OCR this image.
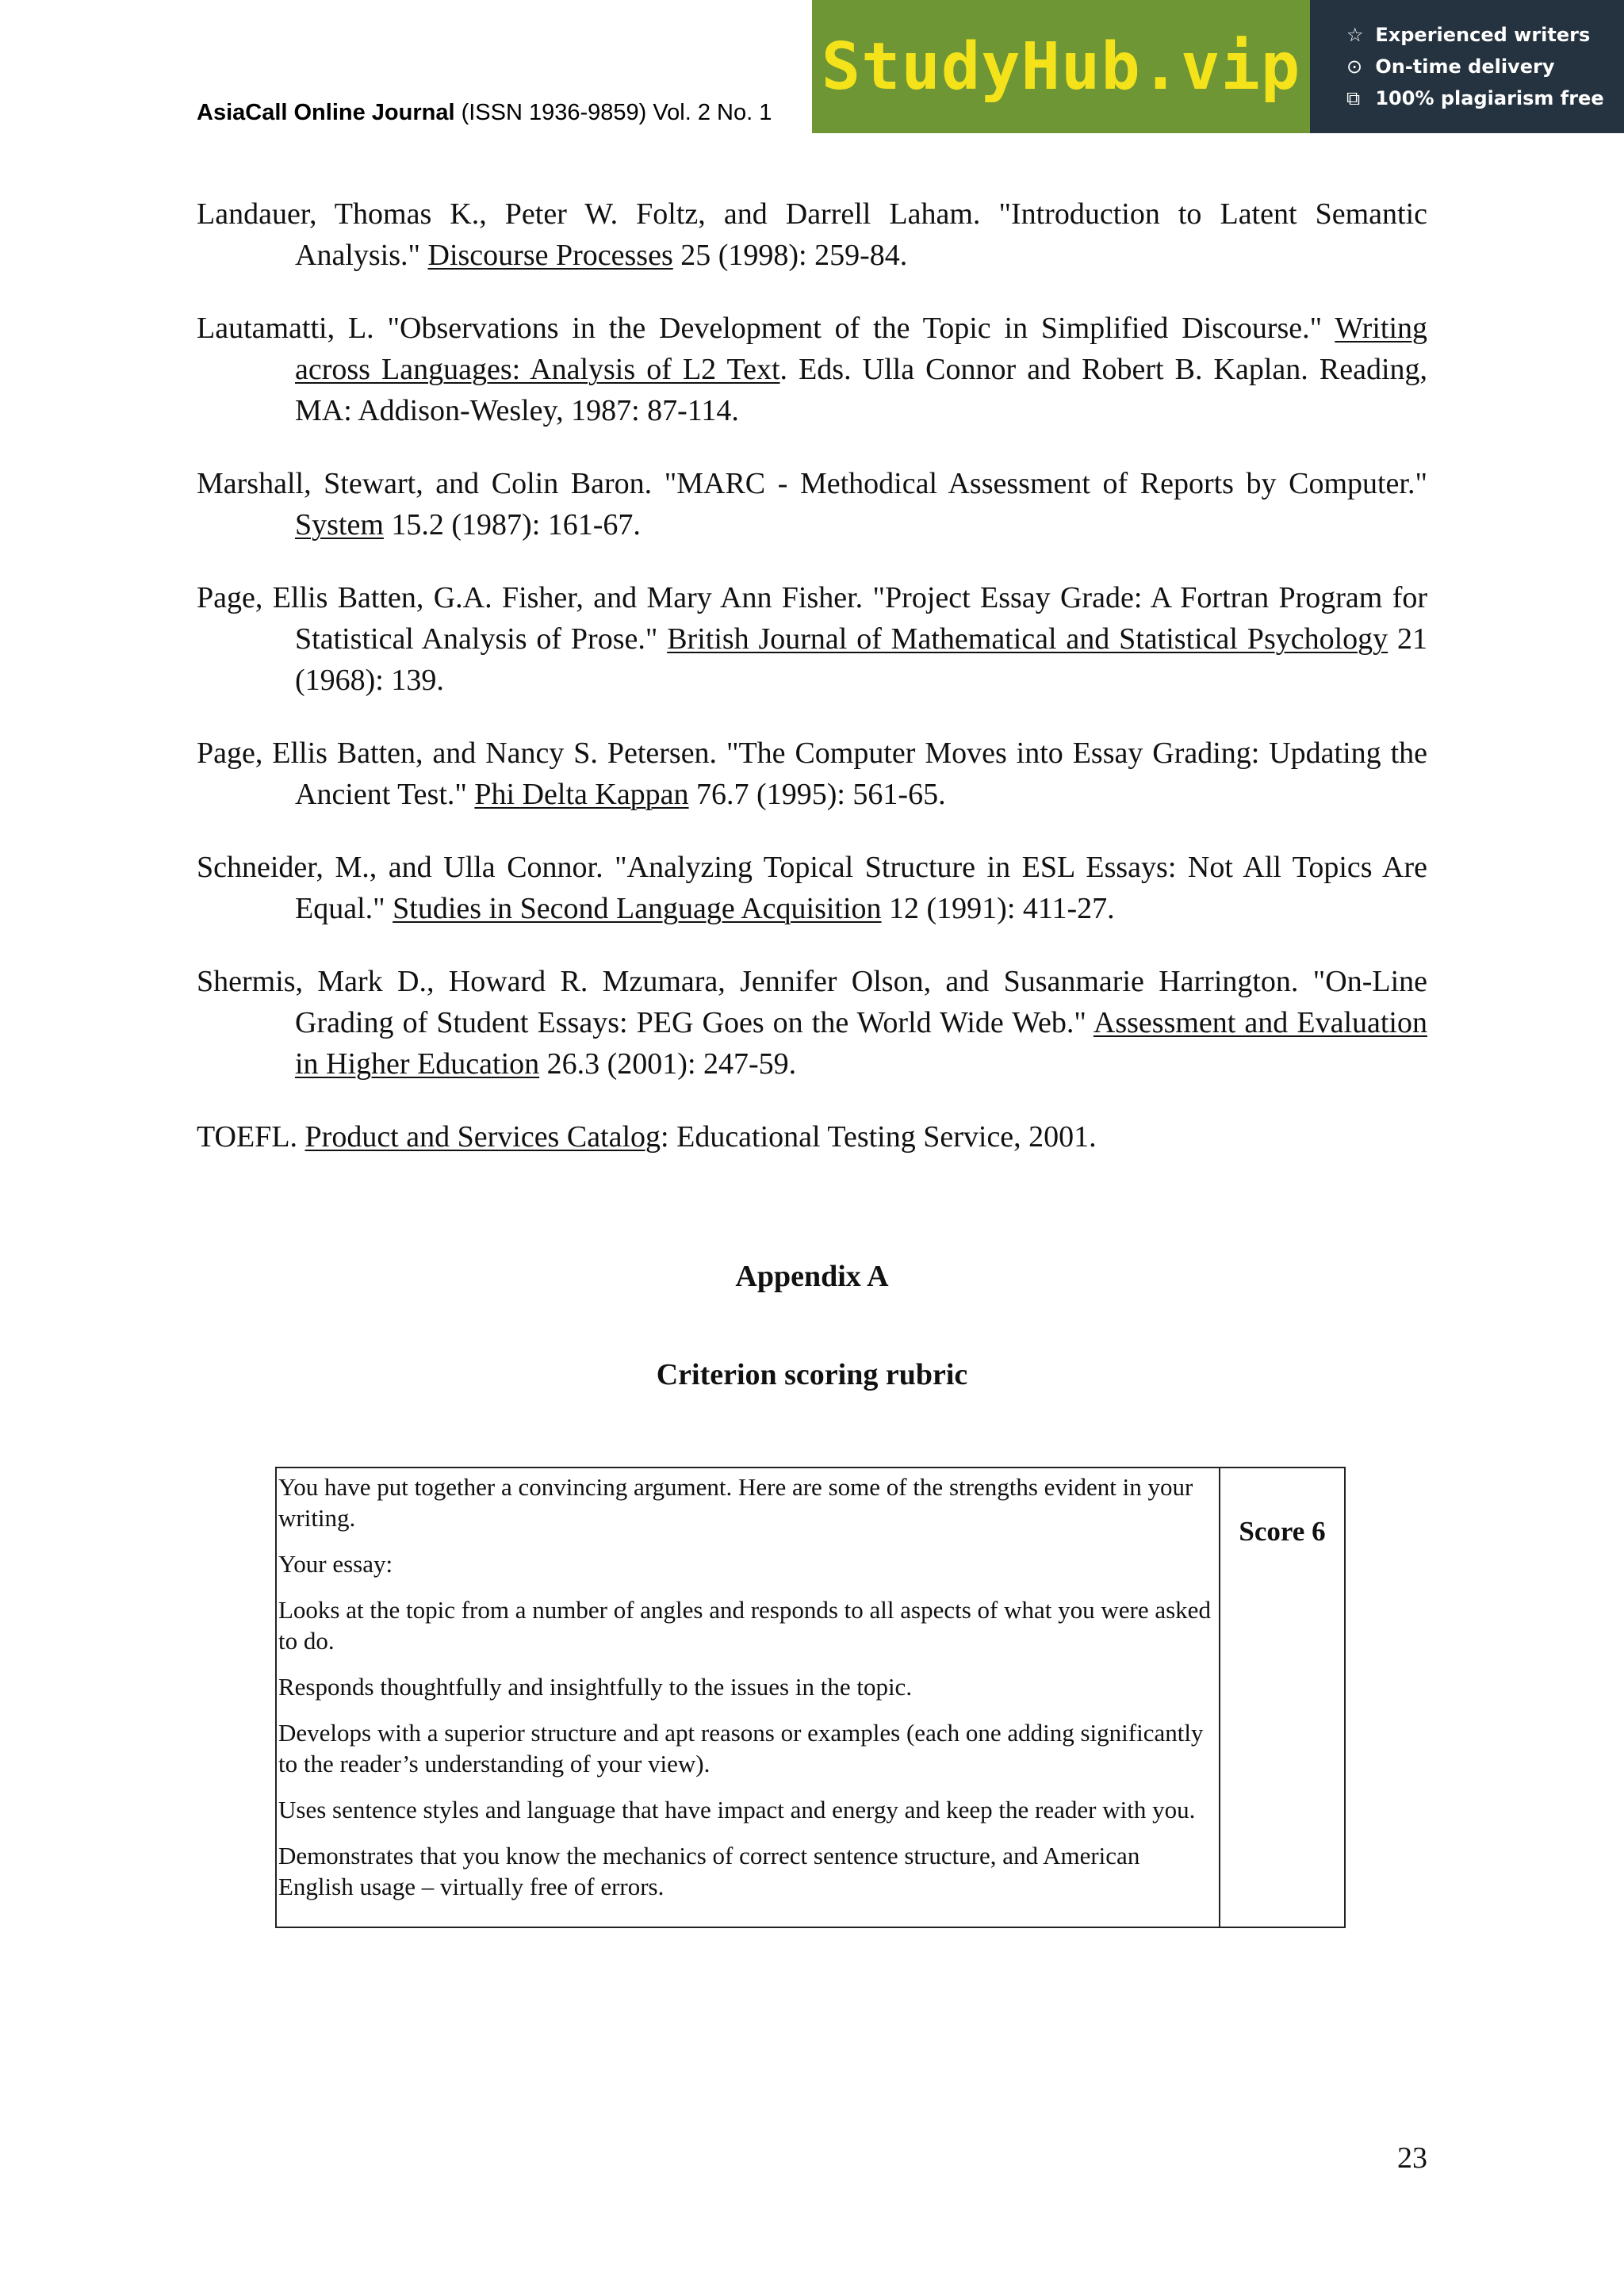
AsiaCall Online Journal (ISSN 1936-9859) Vol. 2 No. 1
StudyHub.vip ☆ Experienced writers
⊙ On-time delivery
⧉ 100% plagiarism free

Landauer, Thomas K., Peter W. Foltz, and Darrell Laham. "Introduction to Latent Semantic Analysis." Discourse Processes 25 (1998): 259-84.

Lautamatti, L. "Observations in the Development of the Topic in Simplified Discourse." Writing across Languages: Analysis of L2 Text. Eds. Ulla Connor and Robert B. Kaplan. Reading, MA: Addison-Wesley, 1987: 87-114.

Marshall, Stewart, and Colin Baron. "MARC - Methodical Assessment of Reports by Computer." System 15.2 (1987): 161-67.

Page, Ellis Batten, G.A. Fisher, and Mary Ann Fisher. "Project Essay Grade: A Fortran Program for Statistical Analysis of Prose." British Journal of Mathematical and Statistical Psychology 21 (1968): 139.

Page, Ellis Batten, and Nancy S. Petersen. "The Computer Moves into Essay Grading: Updating the Ancient Test." Phi Delta Kappan 76.7 (1995): 561-65.

Schneider, M., and Ulla Connor. "Analyzing Topical Structure in ESL Essays: Not All Topics Are Equal." Studies in Second Language Acquisition 12 (1991): 411-27.

Shermis, Mark D., Howard R. Mzumara, Jennifer Olson, and Susanmarie Harrington. "On-Line Grading of Student Essays: PEG Goes on the World Wide Web." Assessment and Evaluation in Higher Education 26.3 (2001): 247-59.

TOEFL. Product and Services Catalog: Educational Testing Service, 2001.

Appendix A
Criterion scoring rubric

You have put together a convincing argument. Here are some of the strengths evident in your writing.

Your essay:

Looks at the topic from a number of angles and responds to all aspects of what you were asked to do.

Responds thoughtfully and insightfully to the issues in the topic.

Develops with a superior structure and apt reasons or examples (each one adding significantly to the reader’s understanding of your view).

Uses sentence styles and language that have impact and energy and keep the reader with you.

Demonstrates that you know the mechanics of correct sentence structure, and American English usage – virtually free of errors.

Score 6
23
